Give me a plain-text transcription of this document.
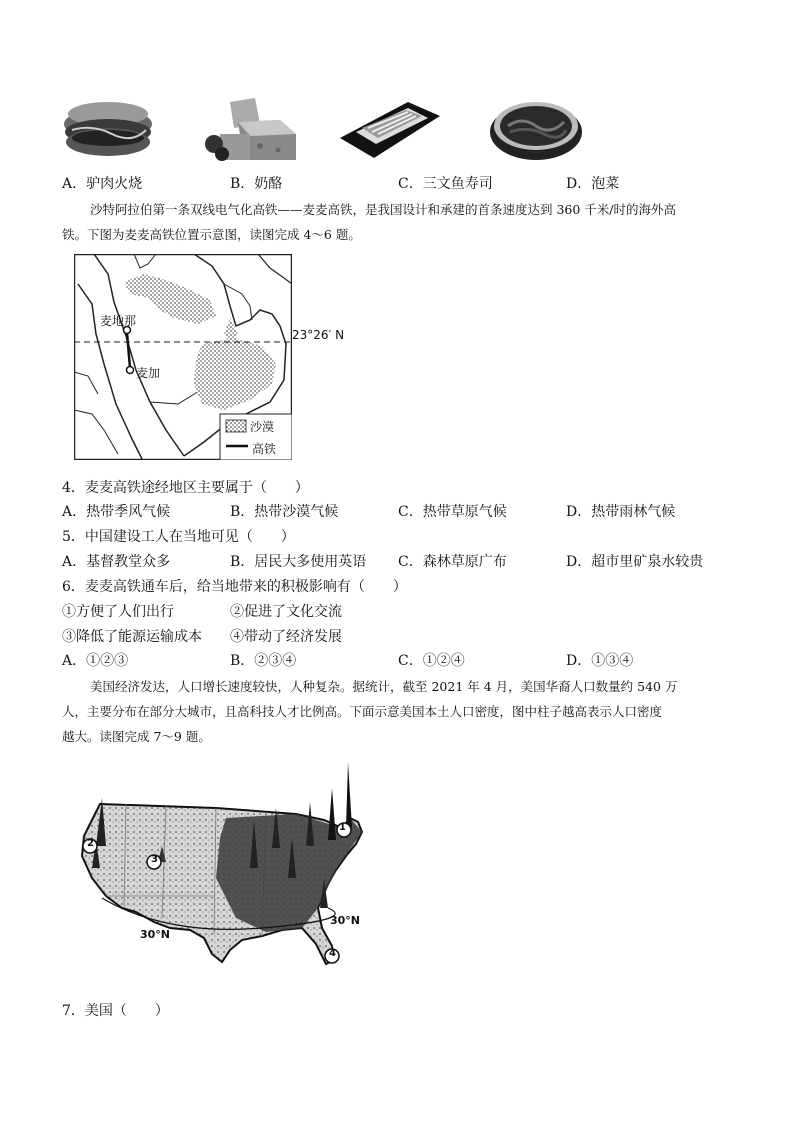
A．驴肉火烧	B．奶酪	C．三文鱼寿司	D．泡菜
沙特阿拉伯第一条双线电气化高铁——麦麦高铁，是我国设计和承建的首条速度达到 360 千米/时的海外高
铁。下图为麦麦高铁位置示意图，读图完成 4～6 题。
23°26′ N
麦地那
麦加
沙漠
高铁
4．麦麦高铁途经地区主要属于（　　）
A．热带季风气候	B．热带沙漠气候	C．热带草原气候	D．热带雨林气候
5．中国建设工人在当地可见（　　）
A．基督教堂众多	B．居民大多使用英语 C．森林草原广布	D．超市里矿泉水较贵
6．麦麦高铁通车后，给当地带来的积极影响有（　　）
①方便了人们出行	②促进了文化交流
③降低了能源运输成本 ④带动了经济发展
A．①②③	B．②③④	C．①②④	D．①③④
美国经济发达，人口增长速度较快，人种复杂。据统计，截至 2021 年 4 月，美国华裔人口数量约 540 万
人，主要分布在部分大城市，且高科技人才比例高。下面示意美国本土人口密度，图中柱子越高表示人口密度
越大。读图完成 7～9 题。
1
2
3
4
30°N
30°N
7．美国（　　）
